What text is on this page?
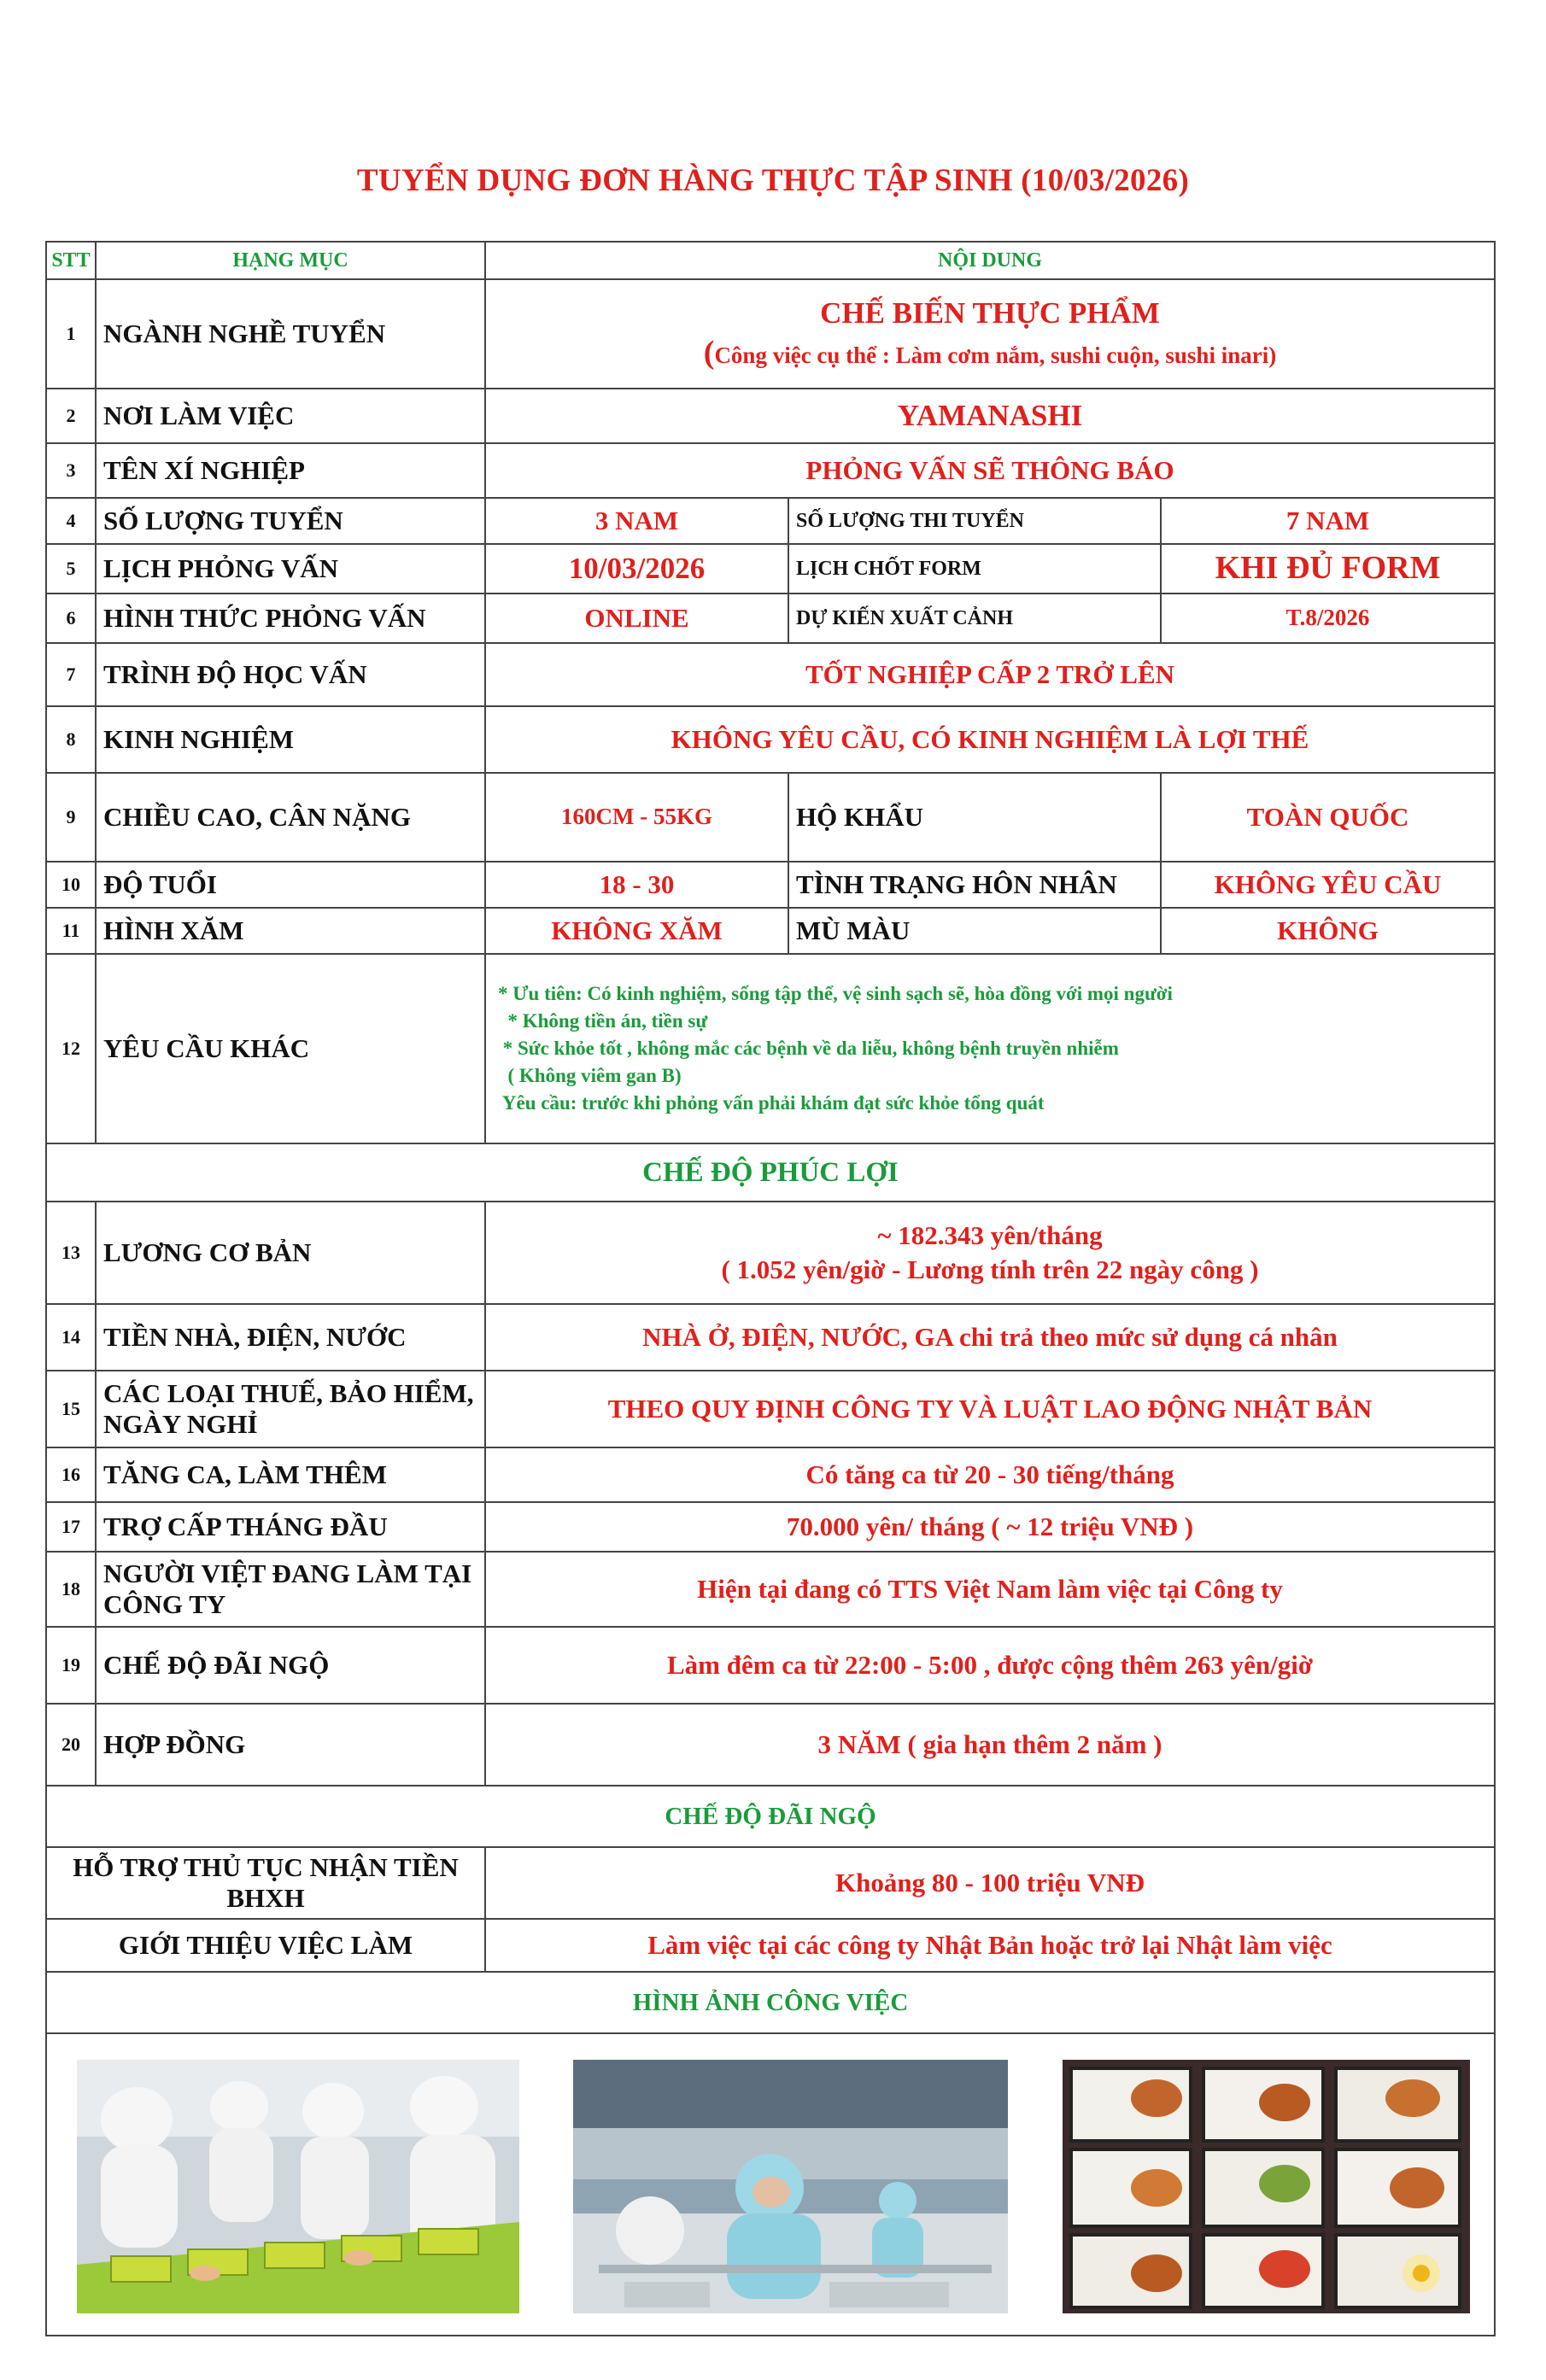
TUYỂN DỤNG ĐƠN HÀNG THỰC TẬP SINH (10/03/2026)
STT	HẠNG MỤC	NỘI DUNG		
1	NGÀNH NGHỀ TUYỂN	CHẾ BIẾN THỰC PHẨM
(Công việc cụ thể : Làm cơm nắm, sushi cuộn, sushi inari)		

2	NƠI LÀM VIỆC	YAMANASHI		
3	TÊN XÍ NGHIỆP	PHỎNG VẤN SẼ THÔNG BÁO		
4	SỐ LƯỢNG TUYỂN	3 NAM	SỐ LƯỢNG THI TUYỂN	7 NAM
5	LỊCH PHỎNG VẤN	10/03/2026	LỊCH CHỐT FORM	KHI ĐỦ FORM
6	HÌNH THỨC PHỎNG VẤN	ONLINE	DỰ KIẾN XUẤT CẢNH	T.8/2026
7	TRÌNH ĐỘ HỌC VẤN	TỐT NGHIỆP CẤP 2 TRỞ LÊN		
8	KINH NGHIỆM	KHÔNG YÊU CẦU, CÓ KINH NGHIỆM LÀ LỢI THẾ		
9	CHIỀU CAO, CÂN NẶNG	160CM - 55KG	HỘ KHẨU	TOÀN QUỐC
10	ĐỘ TUỔI	18 - 30	TÌNH TRẠNG HÔN NHÂN	KHÔNG YÊU CẦU
11	HÌNH XĂM	KHÔNG XĂM	MÙ MÀU	KHÔNG
12	YÊU CẦU KHÁC	* Ưu tiên: Có kinh nghiệm, sống tập thể, vệ sinh sạch sẽ, hòa đồng với mọi người
* Không tiền án, tiền sự
* Sức khỏe tốt , không mắc các bệnh về da liễu, không bệnh truyền nhiễm
( Không viêm gan B)
Yêu cầu: trước khi phỏng vấn phải khám đạt sức khỏe tổng quát		

CHẾ ĐỘ PHÚC LỢI				
13	LƯƠNG CƠ BẢN	~ 182.343 yên/tháng
( 1.052 yên/giờ - Lương tính trên 22 ngày công )		

14	TIỀN NHÀ, ĐIỆN, NƯỚC	NHÀ Ở, ĐIỆN, NƯỚC, GA chi trả theo mức sử dụng cá nhân		
15	CÁC LOẠI THUẾ, BẢO HIỂM, NGÀY NGHỈ	THEO QUY ĐỊNH CÔNG TY VÀ LUẬT LAO ĐỘNG NHẬT BẢN		
16	TĂNG CA, LÀM THÊM	Có tăng ca từ 20 - 30 tiếng/tháng		
17	TRỢ CẤP THÁNG ĐẦU	70.000 yên/ tháng ( ~ 12 triệu VNĐ )		
18	NGƯỜI VIỆT ĐANG LÀM TẠI CÔNG TY	Hiện tại đang có TTS Việt Nam làm việc tại Công ty		
19	CHẾ ĐỘ ĐÃI NGỘ	Làm đêm ca từ 22:00 - 5:00 , được cộng thêm 263 yên/giờ		
20	HỢP ĐỒNG	3 NĂM ( gia hạn thêm 2 năm )		
CHẾ ĐỘ ĐÃI NGỘ				
HỖ TRỢ THỦ TỤC NHẬN TIỀN BHXH		Khoảng 80 - 100 triệu VNĐ		
GIỚI THIỆU VIỆC LÀM		Làm việc tại các công ty Nhật Bản hoặc trở lại Nhật làm việc		
HÌNH ẢNH CÔNG VIỆC				
